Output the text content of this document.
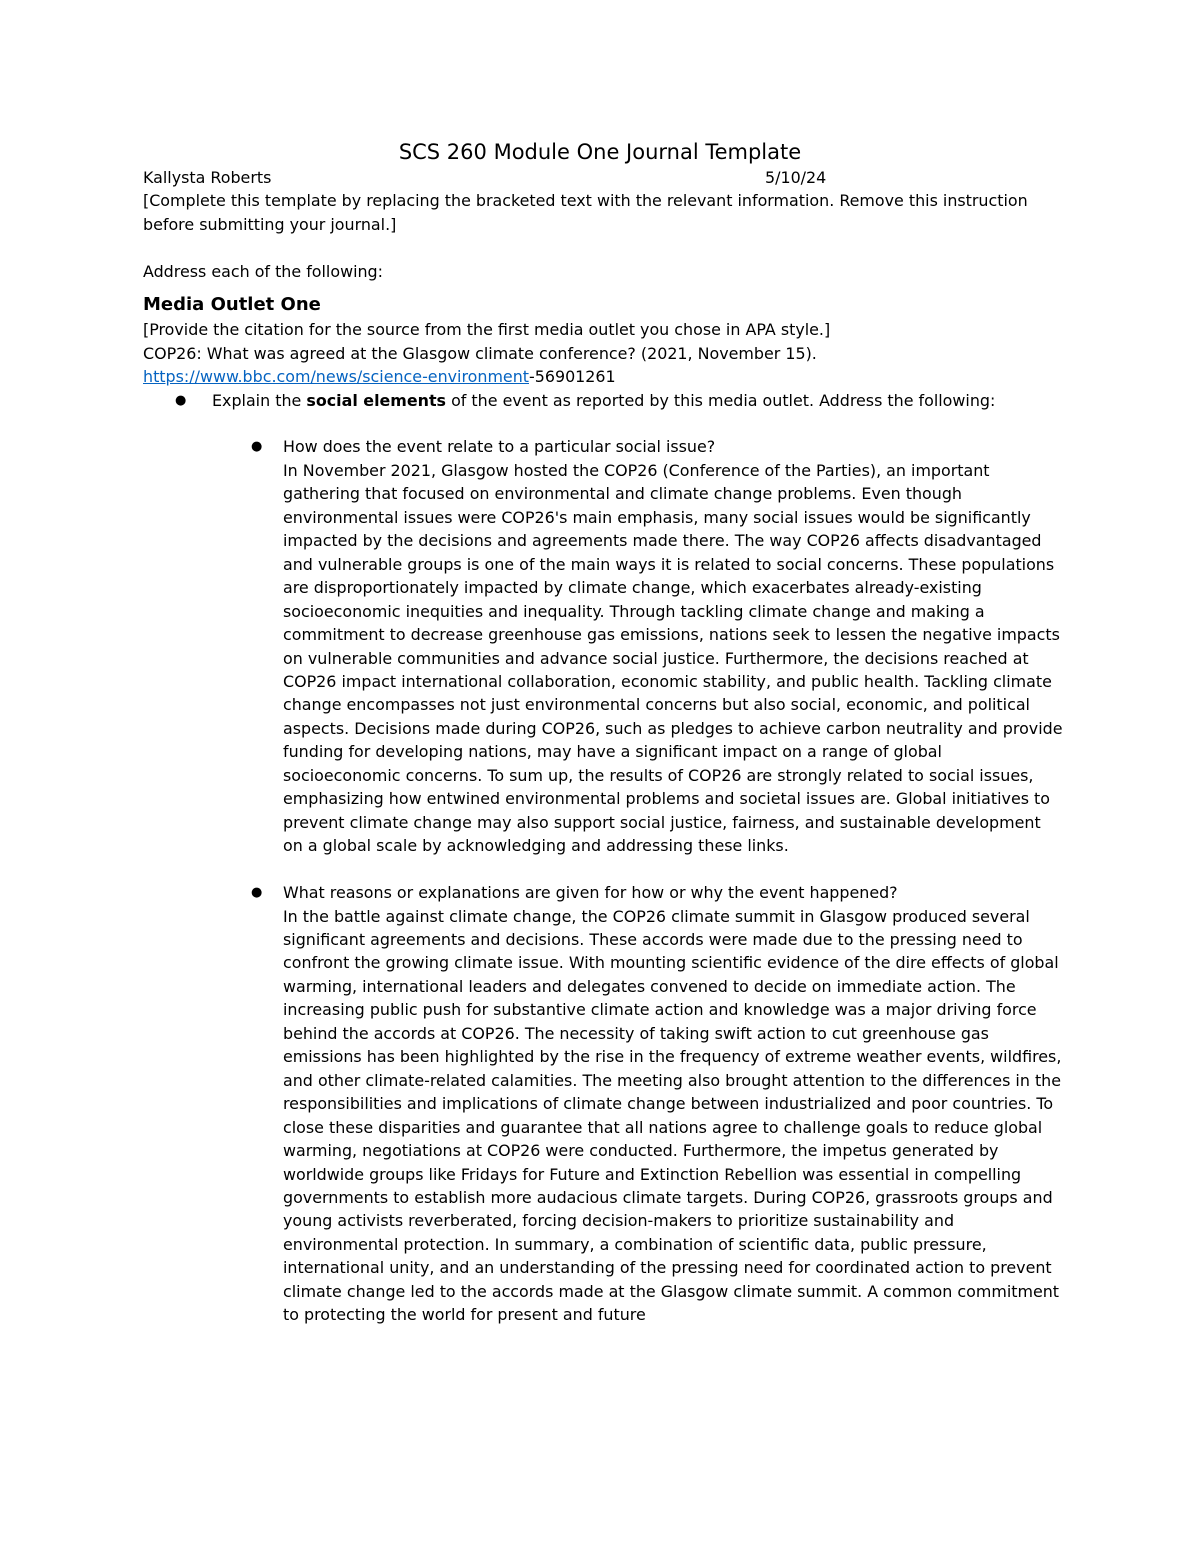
SCS 260 Module One Journal Template
Kallysta Roberts	5/10/24

[Complete this template by replacing the bracketed text with the relevant information. Remove this instruction before submitting your journal.]

Address each of the following:

Media Outlet One

[Provide the citation for the source from the first media outlet you chose in APA style.]

COP26: What was agreed at the Glasgow climate conference? (2021, November 15).

https://www.bbc.com/news/science-environment-56901261

● Explain the social elements of the event as reported by this media outlet. Address the following:
● How does the event relate to a particular social issue?

In November 2021, Glasgow hosted the COP26 (Conference of the Parties), an important gathering that focused on environmental and climate change problems. Even though environmental issues were COP26's main emphasis, many social issues would be significantly impacted by the decisions and agreements made there. The way COP26 affects disadvantaged and vulnerable groups is one of the main ways it is related to social concerns. These populations are disproportionately impacted by climate change, which exacerbates already-existing socioeconomic inequities and inequality. Through tackling climate change and making a commitment to decrease greenhouse gas emissions, nations seek to lessen the negative impacts on vulnerable communities and advance social justice. Furthermore, the decisions reached at COP26 impact international collaboration, economic stability, and public health. Tackling climate change encompasses not just environmental concerns but also social, economic, and political aspects. Decisions made during COP26, such as pledges to achieve carbon neutrality and provide funding for developing nations, may have a significant impact on a range of global socioeconomic concerns. To sum up, the results of COP26 are strongly related to social issues, emphasizing how entwined environmental problems and societal issues are. Global initiatives to prevent climate change may also support social justice, fairness, and sustainable development on a global scale by acknowledging and addressing these links.

● What reasons or explanations are given for how or why the event happened?

In the battle against climate change, the COP26 climate summit in Glasgow produced several significant agreements and decisions. These accords were made due to the pressing need to confront the growing climate issue. With mounting scientific evidence of the dire effects of global warming, international leaders and delegates convened to decide on immediate action. The increasing public push for substantive climate action and knowledge was a major driving force behind the accords at COP26. The necessity of taking swift action to cut greenhouse gas emissions has been highlighted by the rise in the frequency of extreme weather events, wildfires, and other climate-related calamities. The meeting also brought attention to the differences in the responsibilities and implications of climate change between industrialized and poor countries. To close these disparities and guarantee that all nations agree to challenge goals to reduce global warming, negotiations at COP26 were conducted. Furthermore, the impetus generated by worldwide groups like Fridays for Future and Extinction Rebellion was essential in compelling governments to establish more audacious climate targets. During COP26, grassroots groups and young activists reverberated, forcing decision-makers to prioritize sustainability and environmental protection. In summary, a combination of scientific data, public pressure, international unity, and an understanding of the pressing need for coordinated action to prevent climate change led to the accords made at the Glasgow climate summit. A common commitment to protecting the world for present and future
